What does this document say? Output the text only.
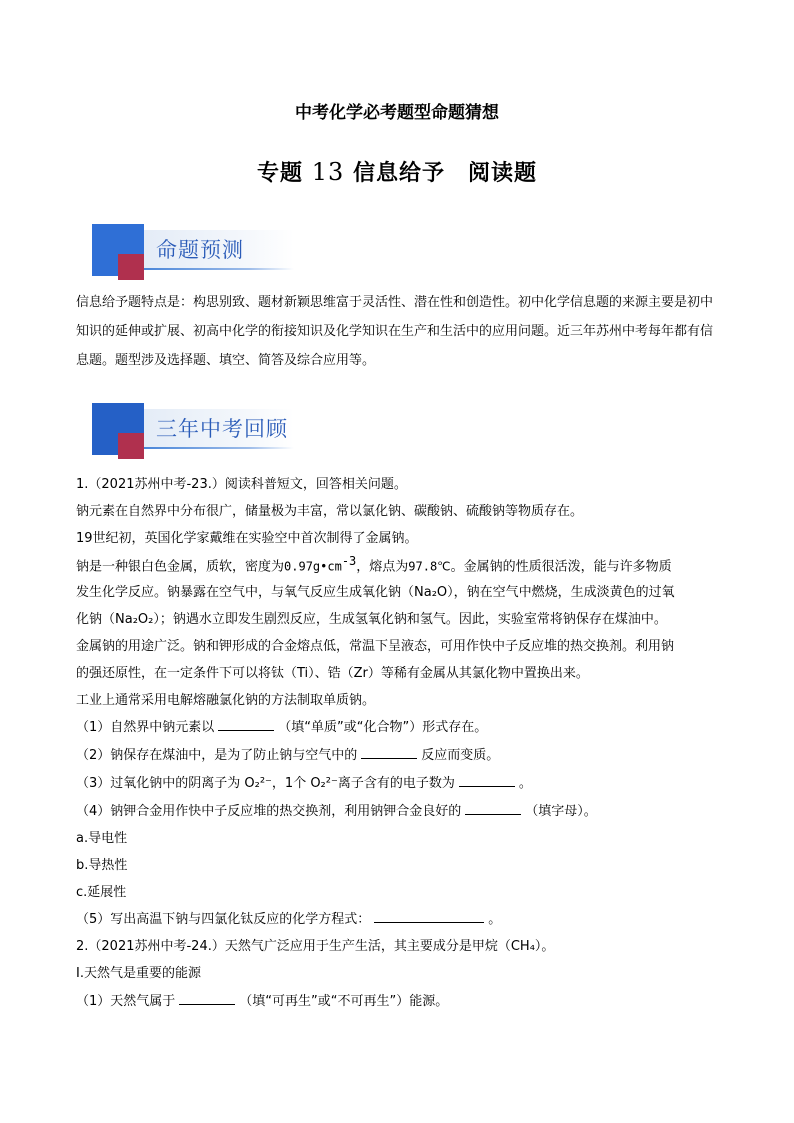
中考化学必考题型命题猜想
专题 13 信息给予　阅读题
命题预测
信息给予题特点是：构思别致、题材新颖思维富于灵活性、潜在性和创造性。初中化学信息题的来源主要是初中知识的延伸或扩展、初高中化学的衔接知识及化学知识在生产和生活中的应用问题。近三年苏州中考每年都有信息题。题型涉及选择题、填空、简答及综合应用等。
三年中考回顾
1.（2021苏州中考-23.）阅读科普短文，回答相关问题。
钠元素在自然界中分布很广，储量极为丰富，常以氯化钠、碳酸钠、硫酸钠等物质存在。
19世纪初，英国化学家戴维在实验空中首次制得了金属钠。
钠是一种银白色金属，质软，密度为$0.97g•cm^{-3}$，熔点为97.8℃。金属钠的性质很活泼，能与许多物质
发生化学反应。钠暴露在空气中，与氧气反应生成氧化钠（Na₂O），钠在空气中燃烧，生成淡黄色的过氧
化钠（Na₂O₂）；钠遇水立即发生剧烈反应，生成氢氧化钠和氢气。因此，实验室常将钠保存在煤油中。
金属钠的用途广泛。钠和钾形成的合金熔点低，常温下呈液态，可用作快中子反应堆的热交换剂。利用钠
的强还原性，在一定条件下可以将钛（Ti）、锆（Zr）等稀有金属从其氯化物中置换出来。
工业上通常采用电解熔融氯化钠的方法制取单质钠。
（1）自然界中钠元素以	（填“单质”或“化合物”）形式存在。
（2）钠保存在煤油中，是为了防止钠与空气中的	反应而变质。
（3）过氧化钠中的阴离子为 O₂²⁻，1个 O₂²⁻离子含有的电子数为	。
（4）钠钾合金用作快中子反应堆的热交换剂，利用钠钾合金良好的	（填字母）。
a.导电性
b.导热性
c.延展性
（5）写出高温下钠与四氯化钛反应的化学方程式：	。
2.（2021苏州中考-24.）天然气广泛应用于生产生活，其主要成分是甲烷（CH₄）。
Ⅰ.天然气是重要的能源
（1）天然气属于	（填“可再生”或“不可再生”）能源。
